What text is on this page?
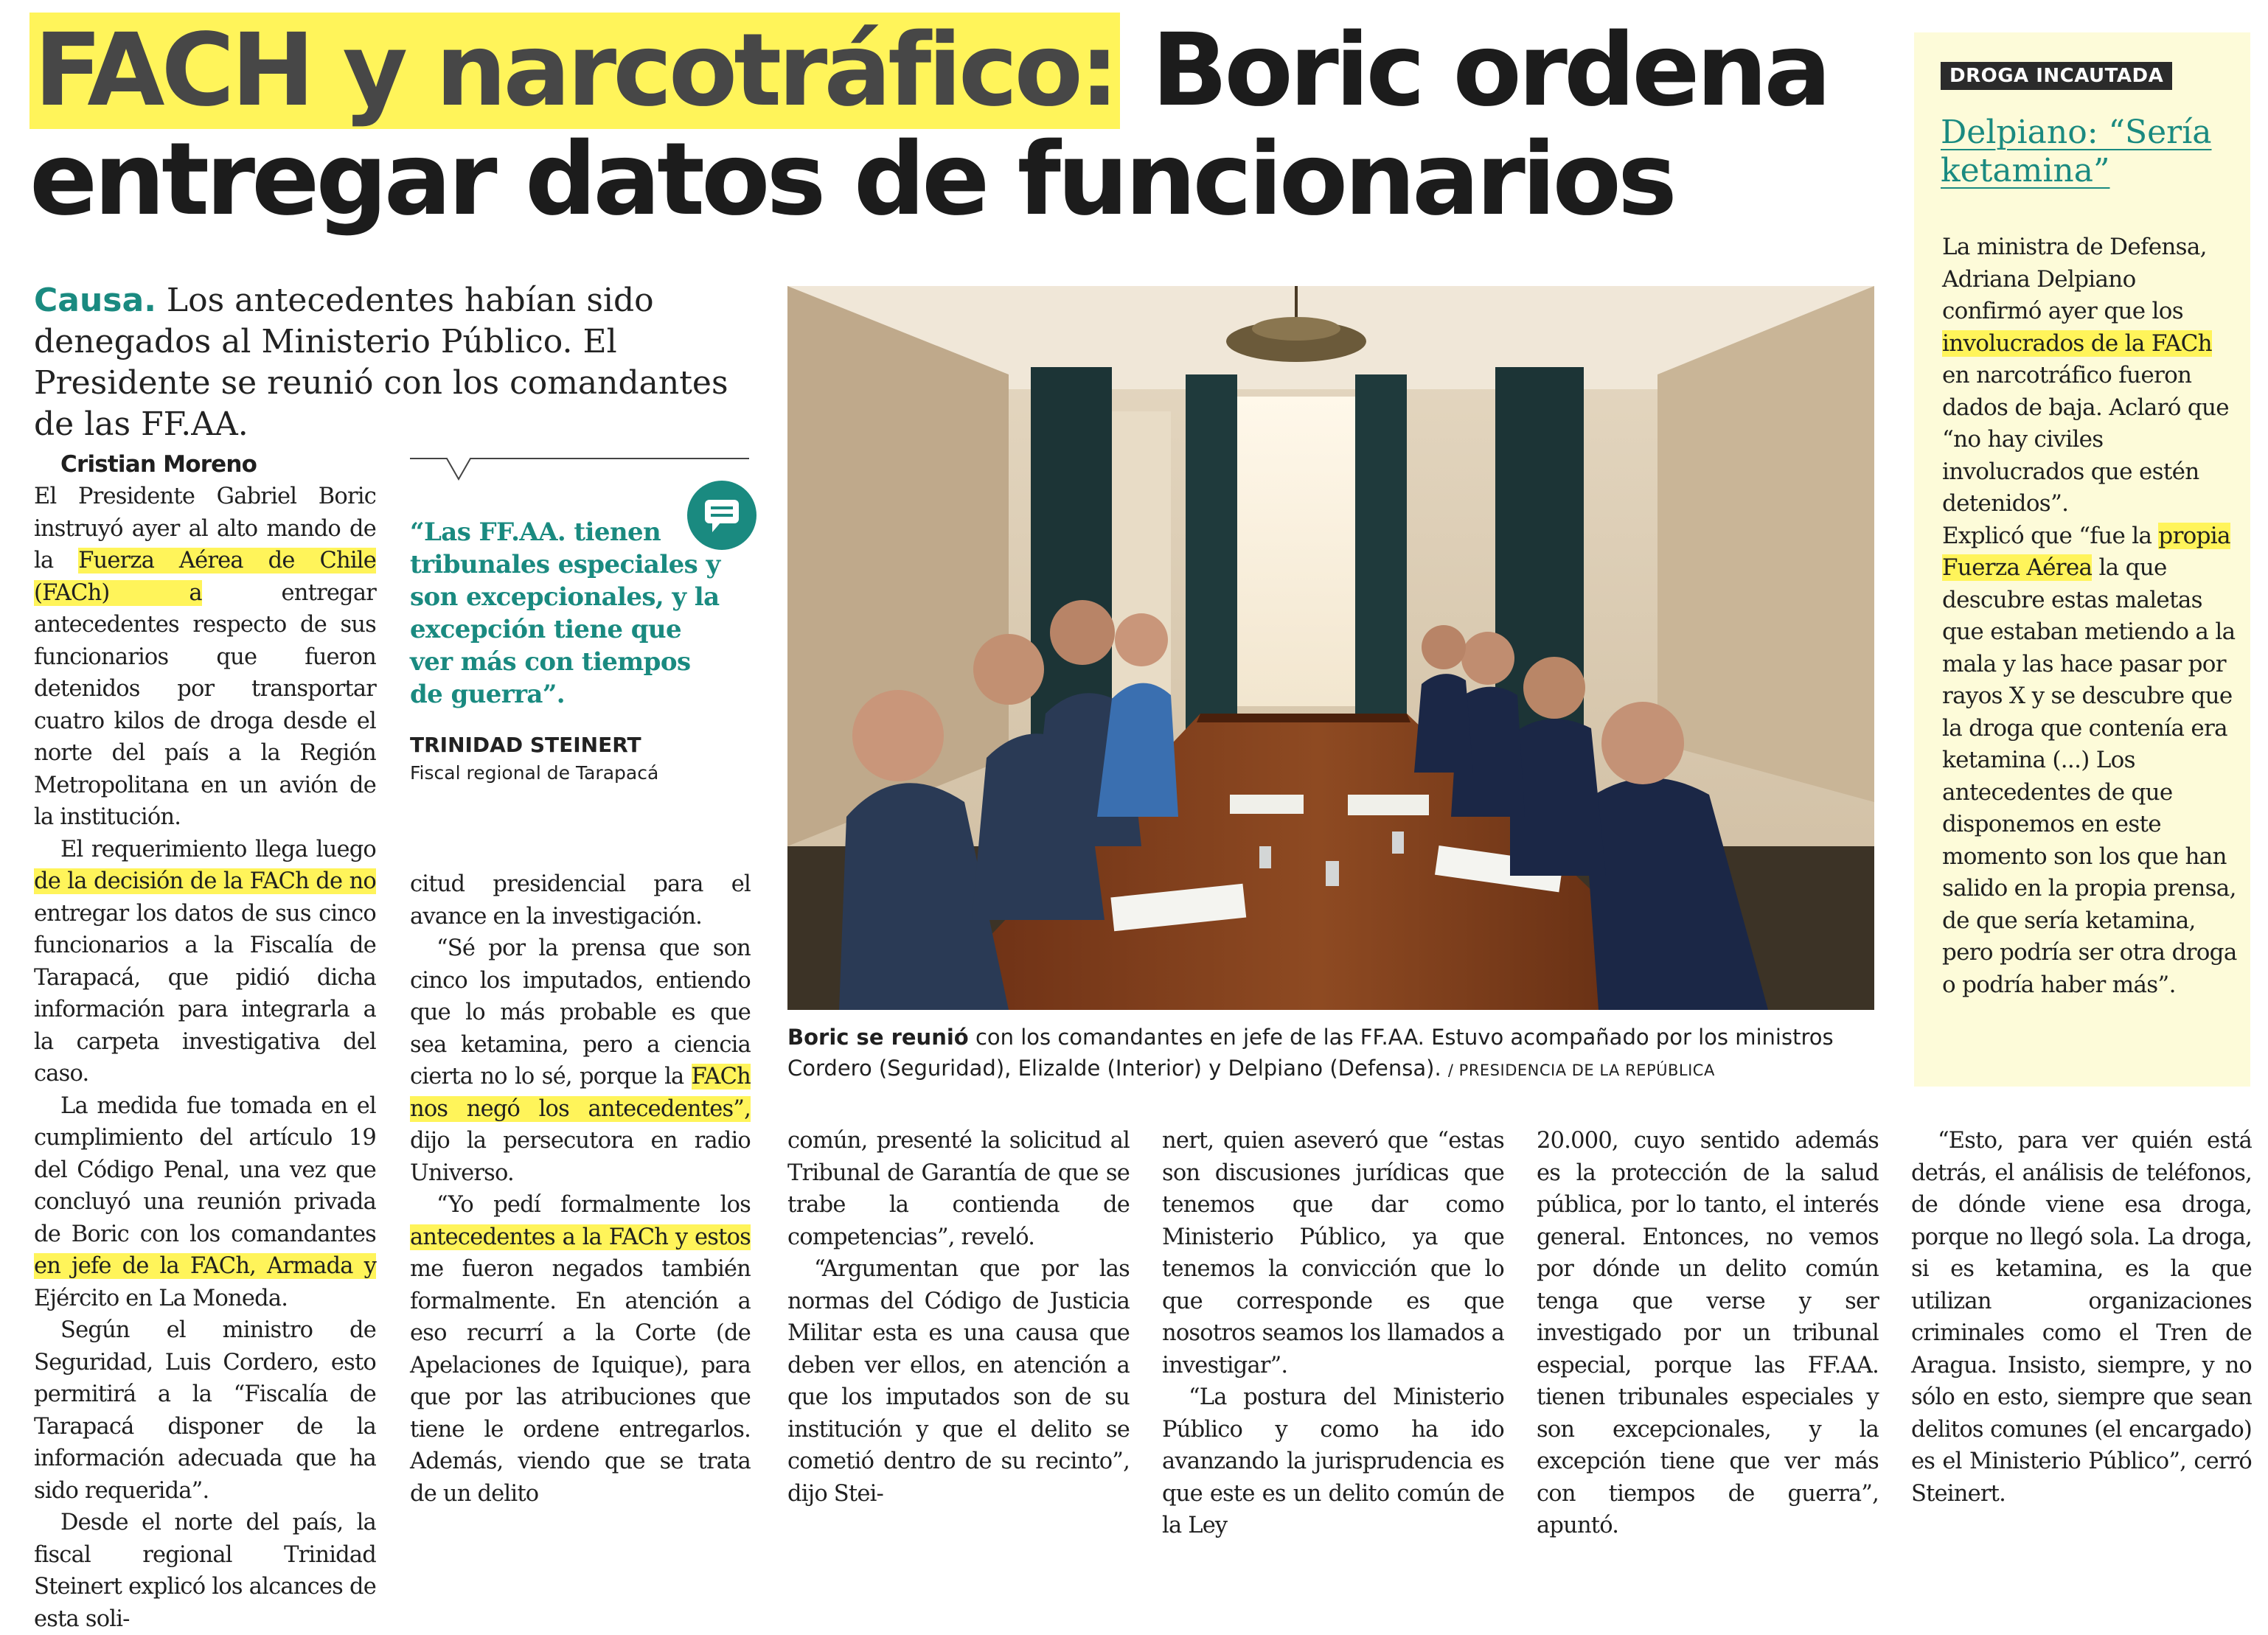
FACH y narcotráfico: Boric ordena entregar datos de funcionarios

Causa. Los antecedentes habían sido denegados al Ministerio Público. El Presidente se reunió con los comandantes de las FF.AA.

Cristian Moreno

El Presidente Gabriel Boric instruyó ayer al alto mando de la Fuerza Aérea de Chile (FACh) a	entregar antecedentes respecto de sus funcionarios que fueron detenidos por transportar cuatro kilos de droga desde el norte del país a la Región Metropolitana en un avión de la institución.

El requerimiento llega luego de la decisión de la FACh de no entregar los datos de sus cinco funcionarios a la Fiscalía de Tarapacá, que pidió dicha información para integrarla a la carpeta investigativa del caso.

La medida fue tomada en el cumplimiento del artículo 19 del Código Penal, una vez que concluyó una reunión privada de Boric con los comandantes en jefe de la FACh, Armada y Ejército en La Moneda.

Según el ministro de Seguridad, Luis Cordero, esto permitirá a la “Fiscalía de Tarapacá disponer de la información adecuada que ha sido requerida”.

Desde el norte del país, la fiscal regional Trinidad Steinert explicó los alcances de esta soli-

“Las FF.AA. tienen tribunales especiales y son excepcionales, y la excepción tiene que ver más con tiempos de guerra”.

TRINIDAD STEINERT

Fiscal regional de Tarapacá

citud presidencial para el avance en la investigación.

“Sé por la prensa que son cinco los imputados, entiendo que lo más probable es que sea ketamina, pero a ciencia cierta no lo sé, porque la FACh nos negó los antecedentes”, dijo la persecutora en radio Universo.

“Yo pedí formalmente los antecedentes a la FACh y estos me fueron negados también formalmente. En atención a eso recurrí a la Corte (de Apelaciones de Iquique), para que por las atribuciones que tiene le ordene entregarlos. Además, viendo que se trata de un delito

Boric se reunió con los comandantes en jefe de las FF.AA. Estuvo acompañado por los ministros Cordero (Seguridad), Elizalde (Interior) y Delpiano (Defensa). / PRESIDENCIA DE LA REPÚBLICA

común, presenté la solicitud al Tribunal de Garantía de que se trabe la contienda de competencias”, reveló.

“Argumentan que por las normas del Código de Justicia Militar esta es una causa que deben ver ellos, en atención a que los imputados son de su institución y que el delito se cometió dentro de su recinto”, dijo Stei-

nert, quien aseveró que “estas son discusiones jurídicas que tenemos que dar como Ministerio Público, ya que tenemos la convicción que lo que corresponde es que nosotros seamos los llamados a investigar”.

“La postura del Ministerio Público y como ha ido avanzando la jurisprudencia es que este es un delito común de la Ley

20.000, cuyo sentido además es la protección de la salud pública, por lo tanto, el interés general. Entonces, no vemos por dónde un delito común tenga que verse y ser investigado por un tribunal especial, porque las FF.AA. tienen tribunales especiales y son excepcionales, y la excepción tiene que ver más con tiempos de guerra”, apuntó.

“Esto, para ver quién está detrás, el análisis de teléfonos, de dónde viene esa droga, porque no llegó sola. La droga, si es ketamina, es la que utilizan organizaciones criminales como el Tren de Aragua. Insisto, siempre, y no sólo en esto, siempre que sean delitos comunes (el encargado) es el Ministerio Público”, cerró Steinert.

DROGA INCAUTADA

Delpiano: “Sería ketamina”

La ministra de Defensa, Adriana Delpiano confirmó ayer que los involucrados de la FACh en narcotráfico fueron dados de baja. Aclaró que “no hay civiles involucrados que estén detenidos”.

Explicó que “fue la propia Fuerza Aérea la que descubre estas maletas que estaban metiendo a la mala y las hace pasar por rayos X y se descubre que la droga que contenía era ketamina (...) Los antecedentes de que disponemos en este momento son los que han salido en la propia prensa, de que sería ketamina, pero podría ser otra droga o podría haber más”.
